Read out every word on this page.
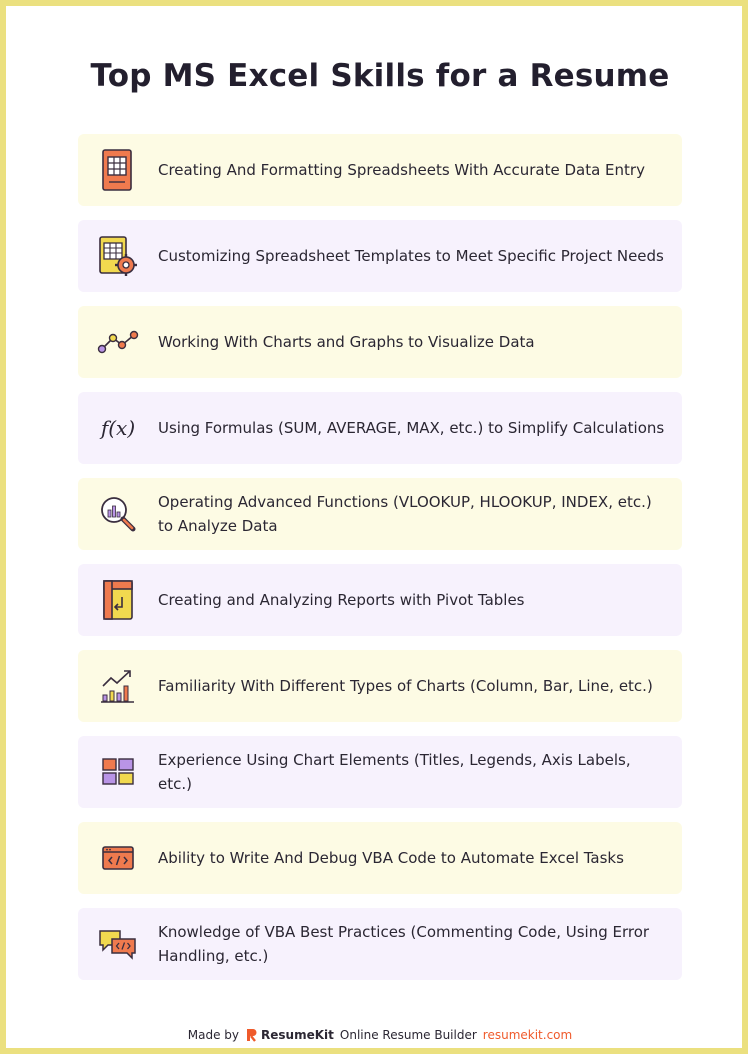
Top MS Excel Skills for a Resume
Creating And Formatting Spreadsheets With Accurate Data Entry
Customizing Spreadsheet Templates to Meet Specific Project Needs
Working With Charts and Graphs to Visualize Data
f(x) Using Formulas (SUM, AVERAGE, MAX, etc.) to Simplify Calculations
Operating Advanced Functions (VLOOKUP, HLOOKUP, INDEX, etc.) to Analyze Data
Creating and Analyzing Reports with Pivot Tables
Familiarity With Different Types of Charts (Column, Bar, Line, etc.)
Experience Using Chart Elements (Titles, Legends, Axis Labels, etc.)
Ability to Write And Debug VBA Code to Automate Excel Tasks
Knowledge of VBA Best Practices (Commenting Code, Using Error Handling, etc.)
Made by ResumeKit Online Resume Builder resumekit.com
